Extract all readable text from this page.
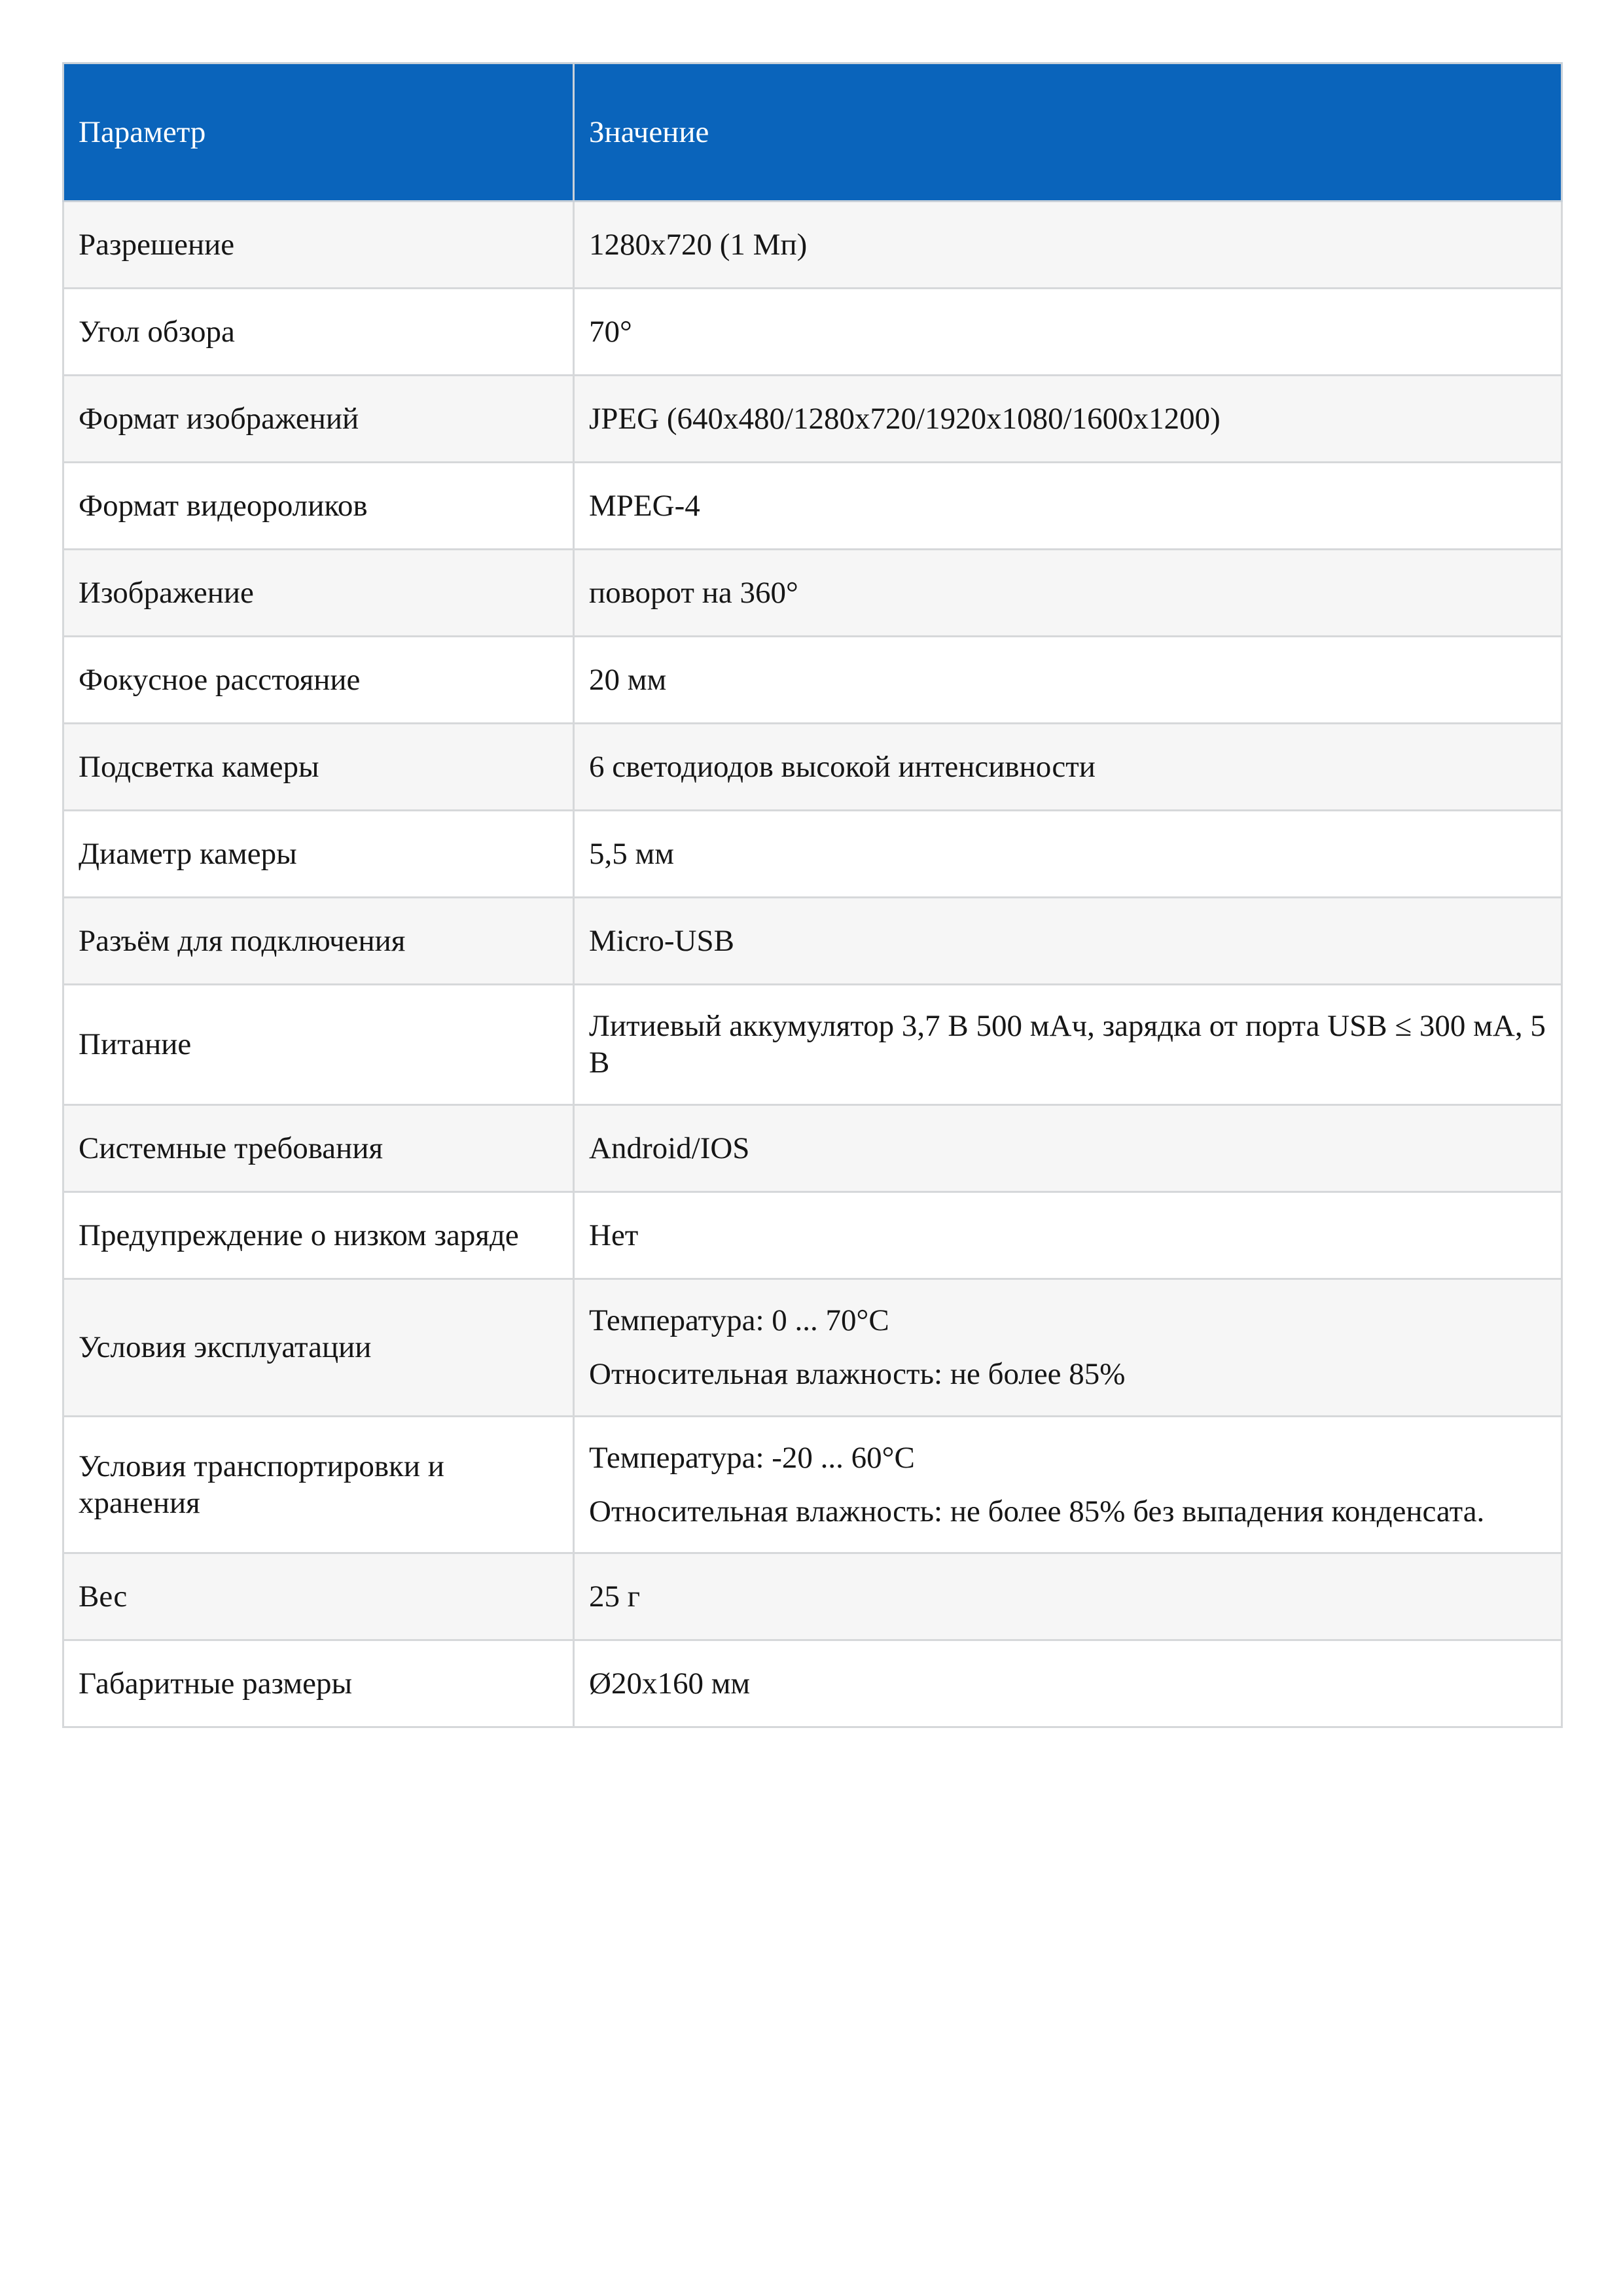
Параметр	Значение
Разрешение	1280x720 (1 Мп)

Угол обзора	70°

Формат изображений	JPEG (640x480/1280x720/1920x1080/1600x1200)

Формат видеороликов	MPEG-4

Изображение	поворот на 360°

Фокусное расстояние	20 мм

Подсветка камеры	6 светодиодов высокой интенсивности

Диаметр камеры	5,5 мм

Разъём для подключения	Micro-USB

Питание	Литиевый аккумулятор 3,7 В 500 мАч, зарядка от порта USB ≤ 300 мА, 5 В

Системные требования	Android/IOS

Предупреждение о низком заряде	Нет

Условия эксплуатации	Температура: 0 ... 70°C
Относительная влажность: не более 85%

Условия транспортировки и хранения	Температура: -20 ... 60°C
Относительная влажность: не более 85% без выпадения конденсата.

Вес	25 г

Габаритные размеры	Ø20x160 мм
